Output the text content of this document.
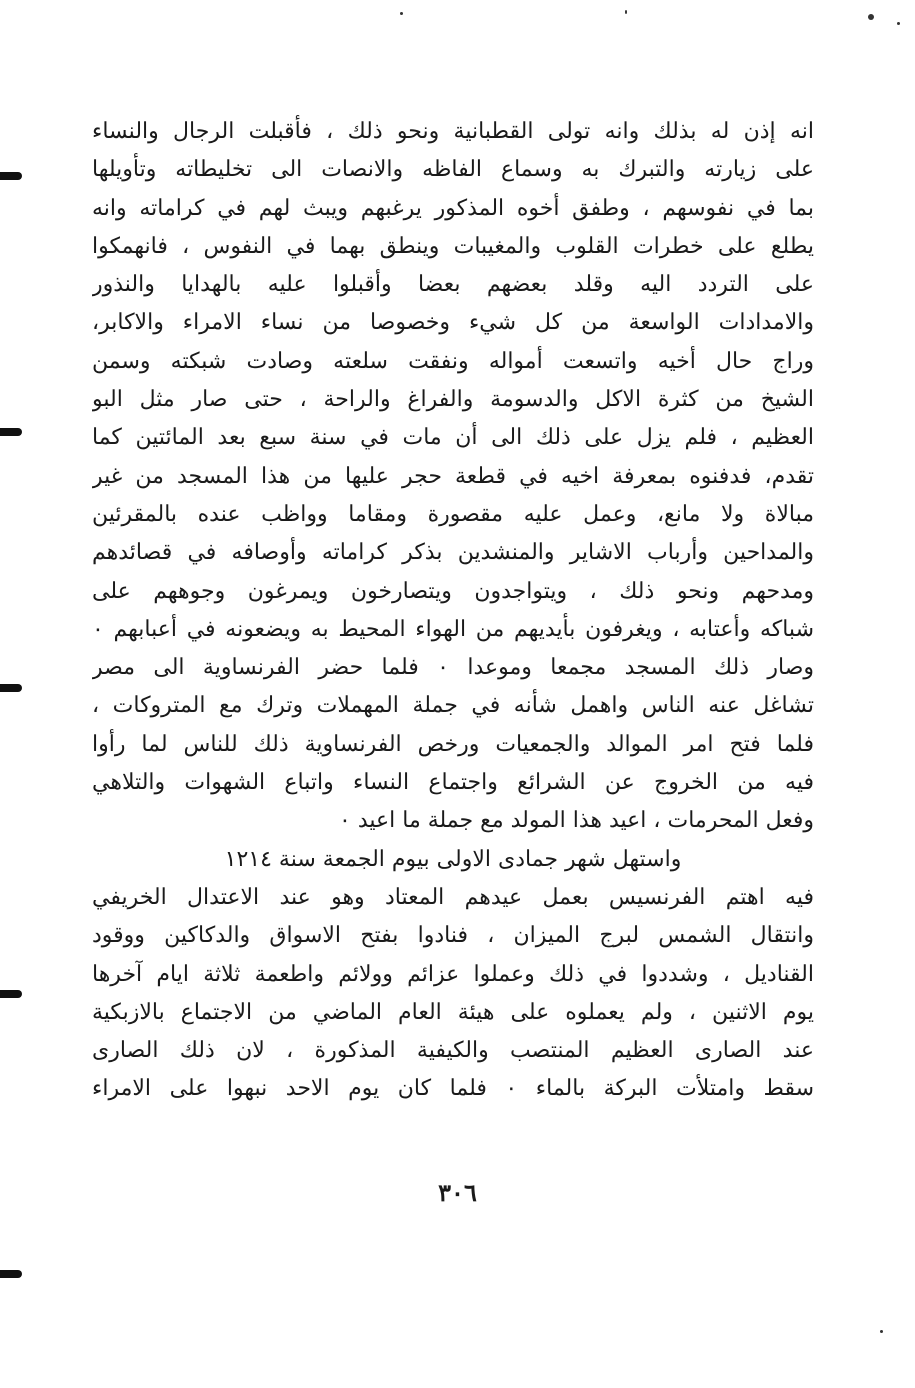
انه إذن له بذلك وانه تولى القطبانية ونحو ذلك ، فأقبلت الرجال والنساء
على زيارته والتبرك به وسماع الفاظه والانصات الى تخليطاته وتأويلها
بما في نفوسهم ، وطفق أخوه المذكور يرغبهم ويبث لهم في كراماته وانه
يطلع على خطرات القلوب والمغيبات وينطق بهما في النفوس ، فانهمكوا
على التردد اليه وقلد بعضهم بعضا وأقبلوا عليه بالهدايا والنذور
والامدادات الواسعة من كل شيء وخصوصا من نساء الامراء والاكابر،
وراج حال أخيه واتسعت أمواله ونفقت سلعته وصادت شبكته وسمن
الشيخ من كثرة الاكل والدسومة والفراغ والراحة ، حتى صار مثل البو
العظيم ، فلم يزل على ذلك الى أن مات في سنة سبع بعد المائتين كما
تقدم، فدفنوه بمعرفة اخيه في قطعة حجر عليها من هذا المسجد من غير
مبالاة ولا مانع، وعمل عليه مقصورة ومقاما وواظب عنده بالمقرئين
والمداحين وأرباب الاشاير والمنشدين بذكر كراماته وأوصافه في قصائدهم
ومدحهم ونحو ذلك ، ويتواجدون ويتصارخون ويمرغون وجوههم على
شباكه وأعتابه ، ويغرفون بأيديهم من الهواء المحيط به ويضعونه في أعبابهم ٠
وصار ذلك المسجد مجمعا وموعدا ٠ فلما حضر الفرنساوية الى مصر
تشاغل عنه الناس واهمل شأنه في جملة المهملات وترك مع المتروكات ،
فلما فتح امر الموالد والجمعيات ورخص الفرنساوية ذلك للناس لما رأوا
فيه من الخروج عن الشرائع واجتماع النساء واتباع الشهوات والتلاهي
وفعل المحرمات ، اعيد هذا المولد مع جملة ما اعيد ٠
واستهل شهر جمادى الاولى بيوم الجمعة سنة ١٢١٤
فيه اهتم الفرنسيس بعمل عيدهم المعتاد وهو عند الاعتدال الخريفي
وانتقال الشمس لبرج الميزان ، فنادوا بفتح الاسواق والدكاكين ووقود
القناديل ، وشددوا في ذلك وعملوا عزائم وولائم واطعمة ثلاثة ايام آخرها
يوم الاثنين ، ولم يعملوه على هيئة العام الماضي من الاجتماع بالازبكية
عند الصارى العظيم المنتصب والكيفية المذكورة ، لان ذلك الصارى
سقط وامتلأت البركة بالماء ٠ فلما كان يوم الاحد نبهوا على الامراء
٣٠٦
